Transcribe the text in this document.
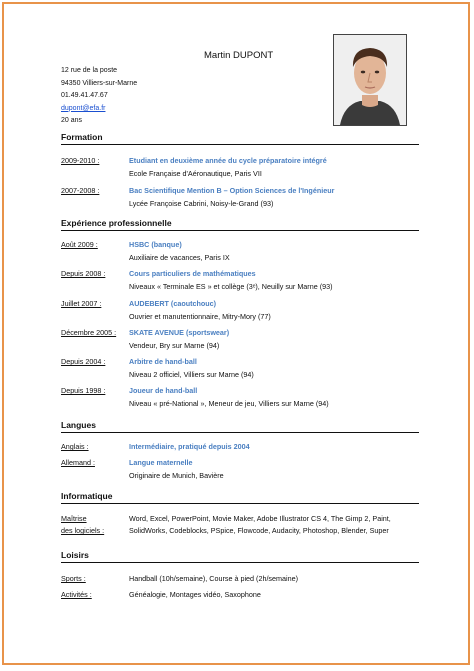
Martin DUPONT
12 rue de la poste
94350 Villiers-sur-Marne
01.49.41.47.67
dupont@efa.fr
20 ans
Formation
2009-2010 :	Etudiant en deuxième année du cycle préparatoire intégré
Ecole Française d'Aéronautique, Paris VII
2007-2008 :	Bac Scientifique Mention B – Option Sciences de l'Ingénieur
Lycée Françoise Cabrini, Noisy-le-Grand (93)
Expérience professionnelle
Août 2009 :	HSBC (banque)
Auxiliaire de vacances, Paris IX
Depuis 2008 :	Cours particuliers de mathématiques
Niveaux « Terminale ES » et collège (3ᵉ), Neuilly sur Marne (93)
Juillet 2007 :	AUDEBERT (caoutchouc)
Ouvrier et manutentionnaire, Mitry-Mory (77)
Décembre 2005 : SKATE AVENUE (sportswear)
Vendeur, Bry sur Marne (94)
Depuis 2004 :	Arbitre de hand-ball
Niveau 2 officiel, Villiers sur Marne (94)
Depuis 1998 :	Joueur de hand-ball
Niveau « pré-National », Meneur de jeu, Villiers sur Marne (94)
Langues
Anglais :	Intermédiaire, pratiqué depuis 2004
Allemand :	Langue maternelle
Originaire de Munich, Bavière
Informatique
Maîtrise
des logiciels :
Word, Excel, PowerPoint, Movie Maker, Adobe Illustrator CS 4, The Gimp 2, Paint,
SolidWorks, Codeblocks, PSpice, Flowcode, Audacity, Photoshop, Blender, Super
Loisirs
Sports :	Handball (10h/semaine), Course à pied (2h/semaine)
Activités :	Généalogie, Montages vidéo, Saxophone
